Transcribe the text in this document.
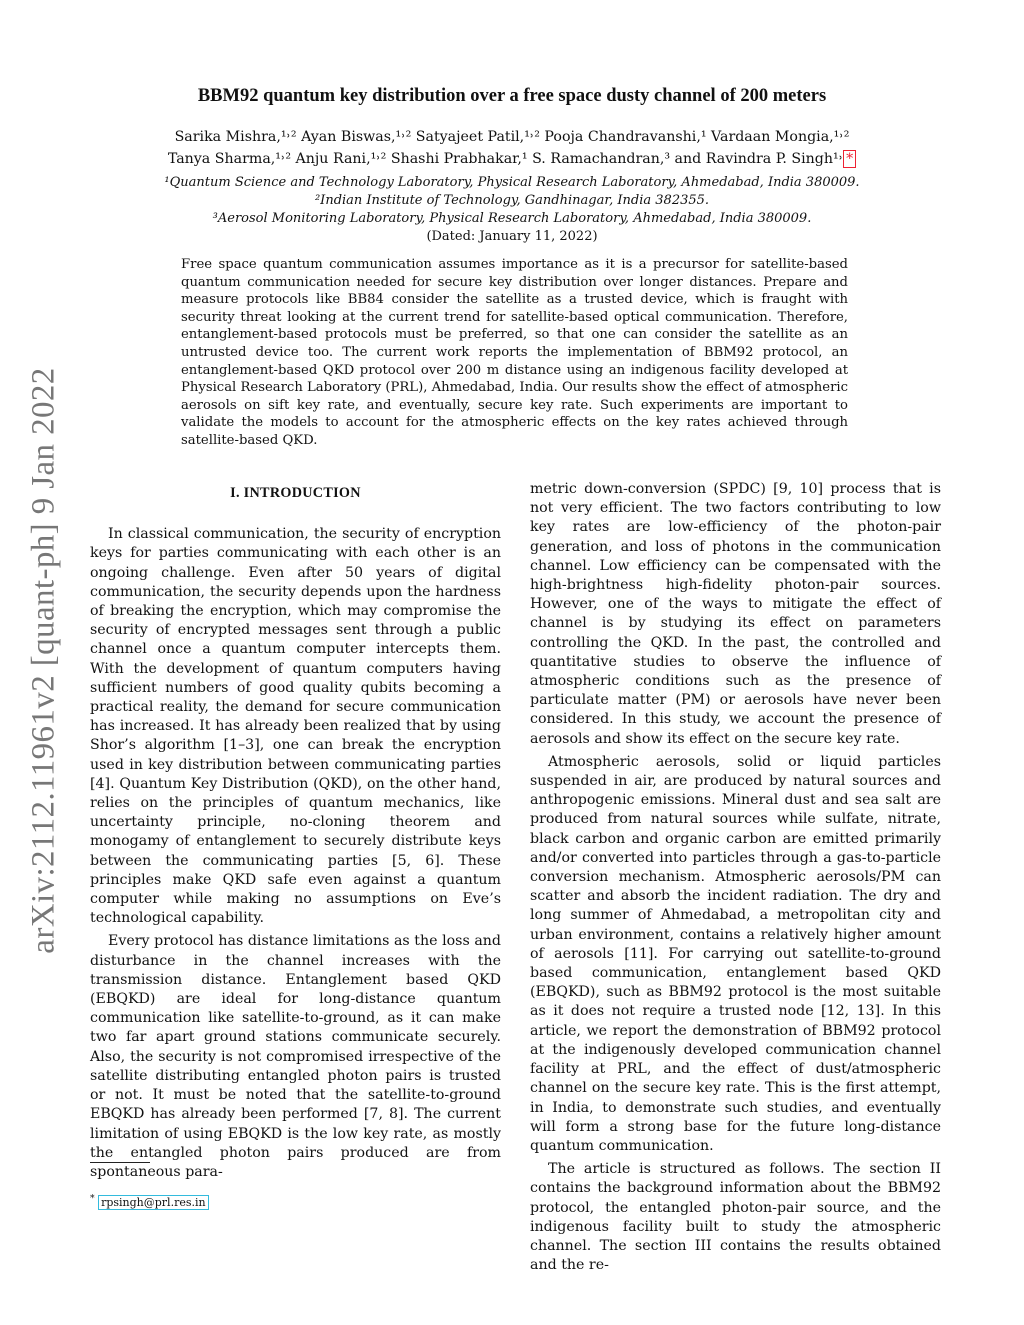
arXiv:2112.11961v2 [quant-ph] 9 Jan 2022
BBM92 quantum key distribution over a free space dusty channel of 200 meters
Sarika Mishra,¹˒² Ayan Biswas,¹˒² Satyajeet Patil,¹˒² Pooja Chandravanshi,¹ Vardaan Mongia,¹˒²
Tanya Sharma,¹˒² Anju Rani,¹˒² Shashi Prabhakar,¹ S. Ramachandran,³ and Ravindra P. Singh¹˒ *
¹Quantum Science and Technology Laboratory, Physical Research Laboratory, Ahmedabad, India 380009.
²Indian Institute of Technology, Gandhinagar, India 382355.
³Aerosol Monitoring Laboratory, Physical Research Laboratory, Ahmedabad, India 380009.
(Dated: January 11, 2022)
Free space quantum communication assumes importance as it is a precursor for satellite-based quantum communication needed for secure key distribution over longer distances. Prepare and measure protocols like BB84 consider the satellite as a trusted device, which is fraught with security threat looking at the current trend for satellite-based optical communication. Therefore, entanglement-based protocols must be preferred, so that one can consider the satellite as an untrusted device too. The current work reports the implementation of BBM92 protocol, an entanglement-based QKD protocol over 200 m distance using an indigenous facility developed at Physical Research Laboratory (PRL), Ahmedabad, India. Our results show the effect of atmospheric aerosols on sift key rate, and eventually, secure key rate. Such experiments are important to validate the models to account for the atmospheric effects on the key rates achieved through satellite-based QKD.
I. INTRODUCTION

In classical communication, the security of encryption keys for parties communicating with each other is an ongoing challenge. Even after 50 years of digital communication, the security depends upon the hardness of breaking the encryption, which may compromise the security of encrypted messages sent through a public channel once a quantum computer intercepts them. With the development of quantum computers having sufficient numbers of good quality qubits becoming a practical reality, the demand for secure communication has increased. It has already been realized that by using Shor’s algorithm [1–3], one can break the encryption used in key distribution between communicating parties [4]. Quantum Key Distribution (QKD), on the other hand, relies on the principles of quantum mechanics, like uncertainty principle, no-cloning theorem and monogamy of entanglement to securely distribute keys between the communicating parties [5, 6]. These principles make QKD safe even against a quantum computer while making no assumptions on Eve’s technological capability.

Every protocol has distance limitations as the loss and disturbance in the channel increases with the transmission distance. Entanglement based QKD (EBQKD) are ideal for long-distance quantum communication like satellite-to-ground, as it can make two far apart ground stations communicate securely. Also, the security is not compromised irrespective of the satellite distributing entangled photon pairs is trusted or not. It must be noted that the satellite-to-ground EBQKD has already been performed [7, 8]. The current limitation of using EBQKD is the low key rate, as mostly the entangled photon pairs produced are from spontaneous para-

metric down-conversion (SPDC) [9, 10] process that is not very efficient. The two factors contributing to low key rates are low-efficiency of the photon-pair generation, and loss of photons in the communication channel. Low efficiency can be compensated with the high-brightness high-fidelity photon-pair sources. However, one of the ways to mitigate the effect of channel is by studying its effect on parameters controlling the QKD. In the past, the controlled and quantitative studies to observe the influence of atmospheric conditions such as the presence of particulate matter (PM) or aerosols have never been considered. In this study, we account the presence of aerosols and show its effect on the secure key rate.

Atmospheric aerosols, solid or liquid particles suspended in air, are produced by natural sources and anthropogenic emissions. Mineral dust and sea salt are produced from natural sources while sulfate, nitrate, black carbon and organic carbon are emitted primarily and/or converted into particles through a gas-to-particle conversion mechanism. Atmospheric aerosols/PM can scatter and absorb the incident radiation. The dry and long summer of Ahmedabad, a metropolitan city and urban environment, contains a relatively higher amount of aerosols [11]. For carrying out satellite-to-ground based communication, entanglement based QKD (EBQKD), such as BBM92 protocol is the most suitable as it does not require a trusted node [12, 13]. In this article, we report the demonstration of BBM92 protocol at the indigenously developed communication channel facility at PRL, and the effect of dust/atmospheric channel on the secure key rate. This is the first attempt, in India, to demonstrate such studies, and eventually will form a strong base for the future long-distance quantum communication.

The article is structured as follows. The section II contains the background information about the BBM92 protocol, the entangled photon-pair source, and the indigenous facility built to study the atmospheric channel. The section III contains the results obtained and the re-

* rpsingh@prl.res.in
